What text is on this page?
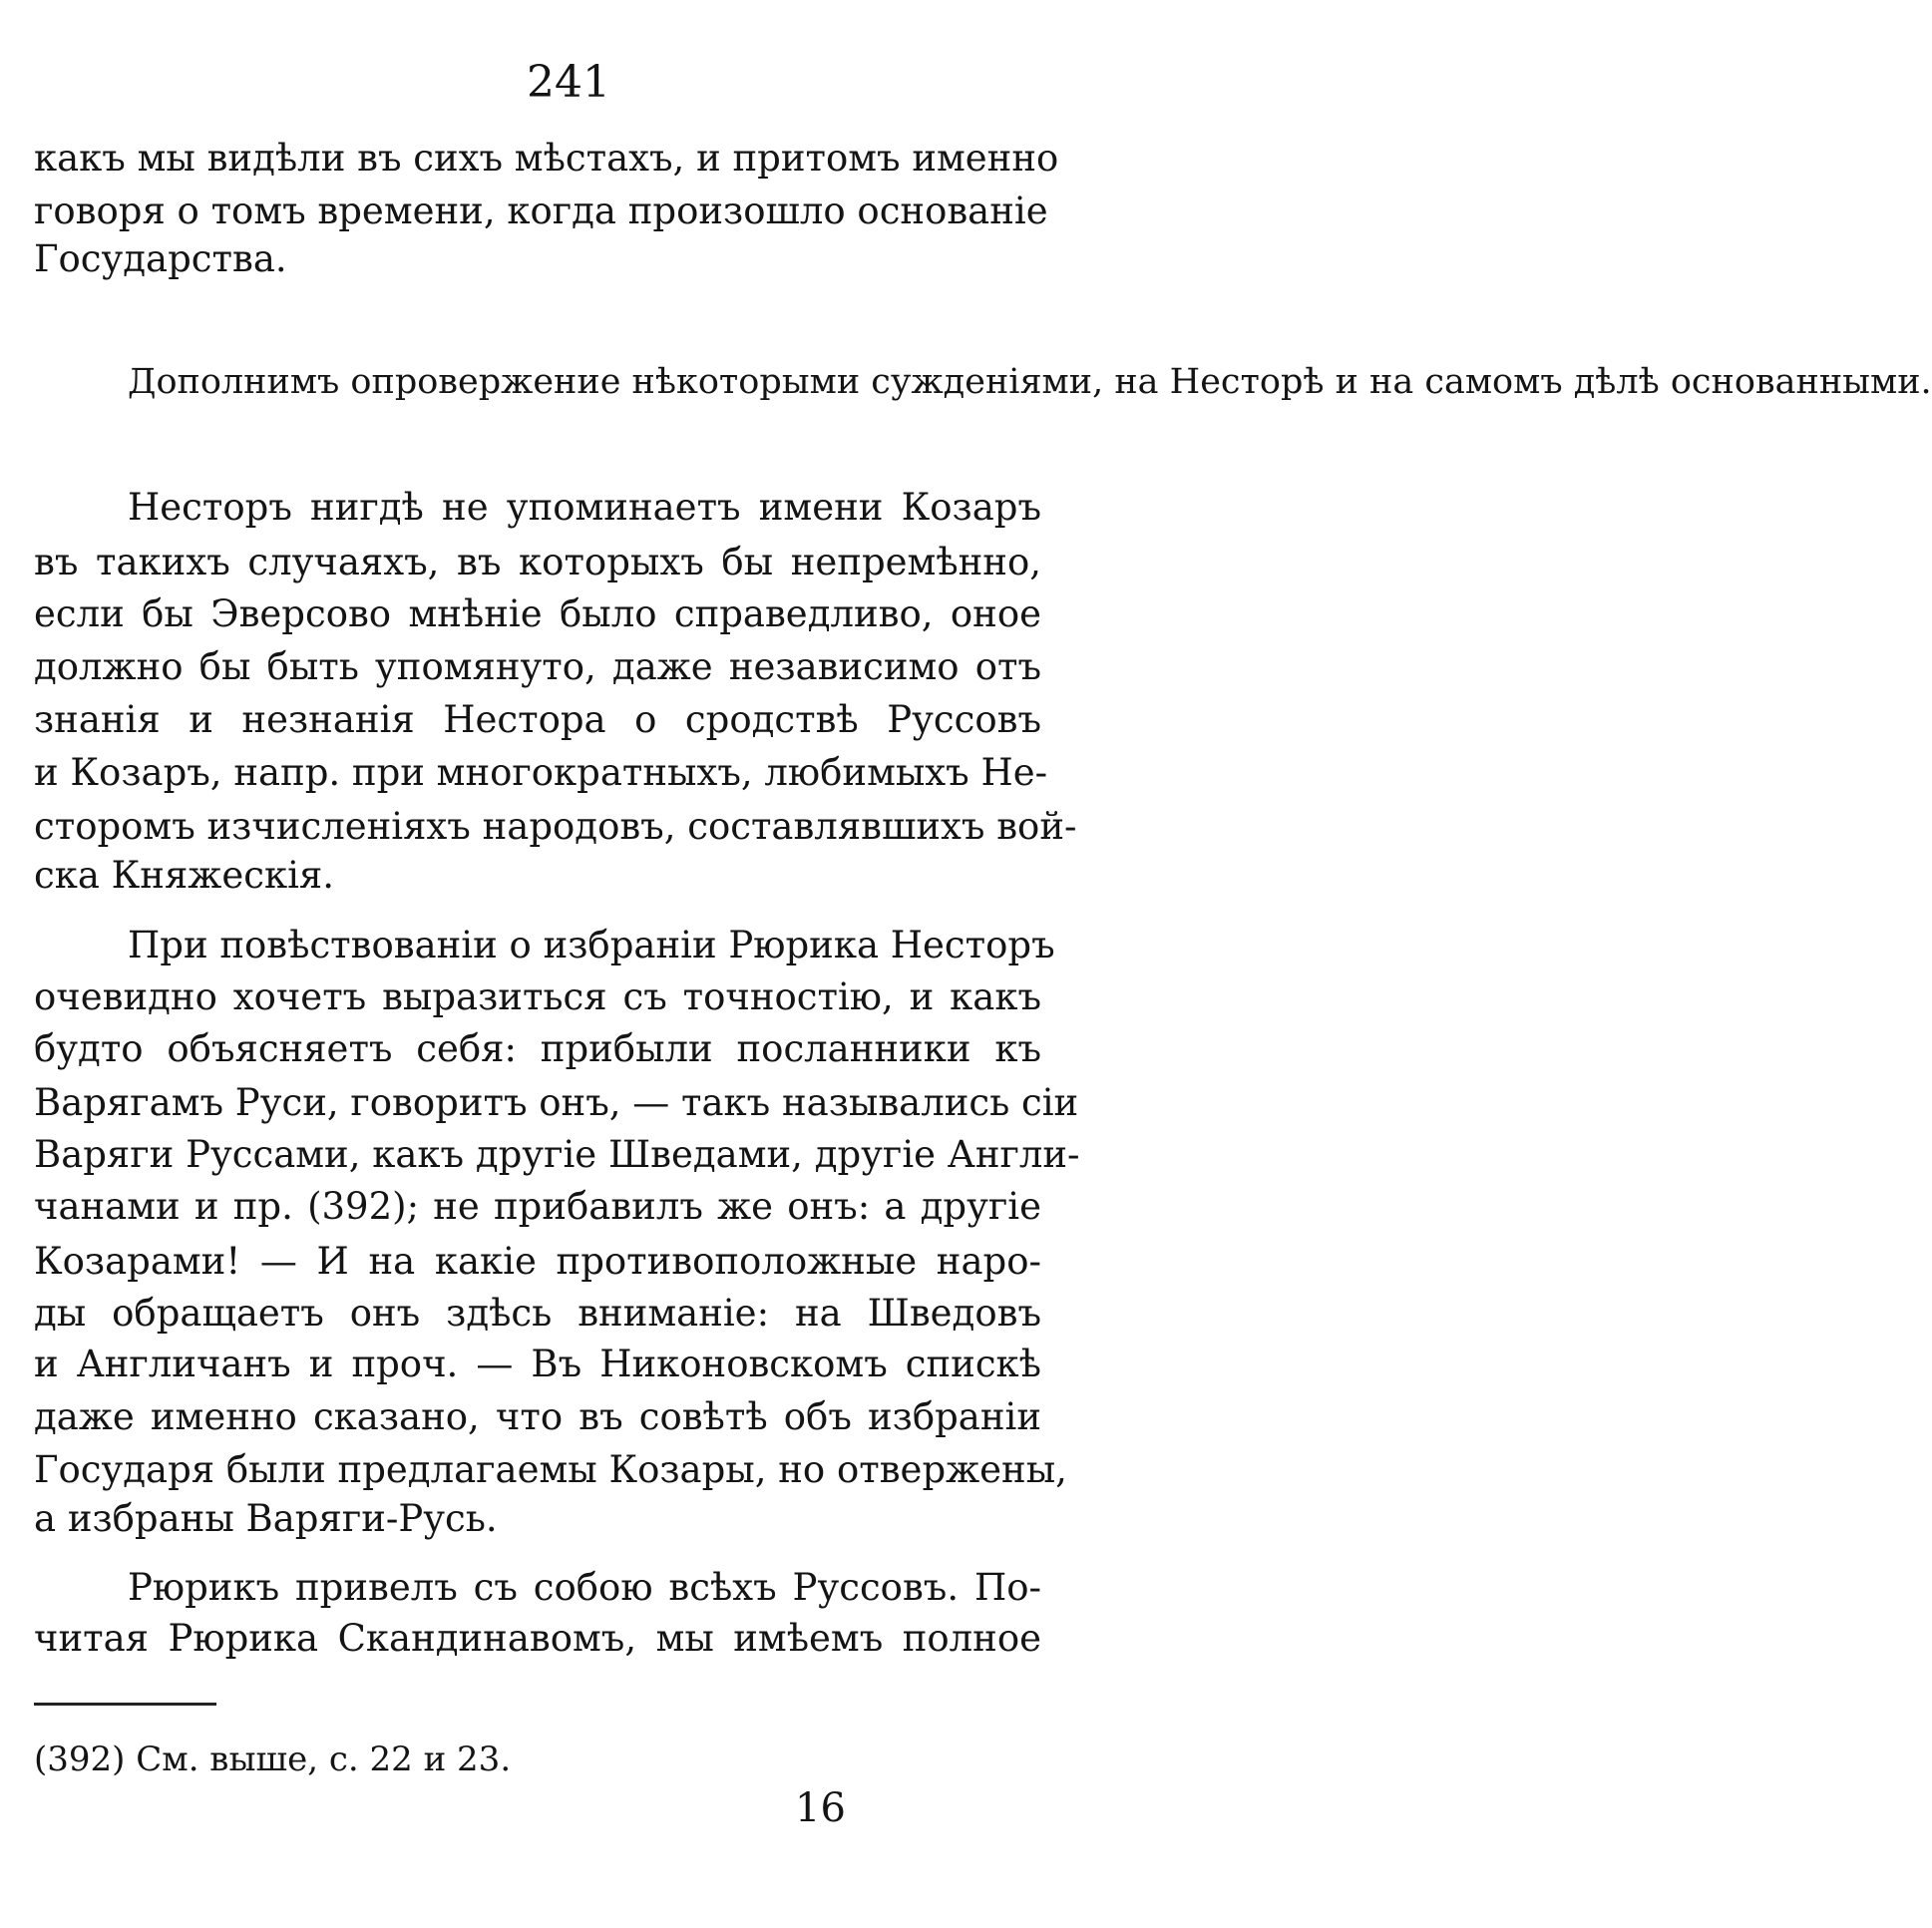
241
какъ мы видѣли въ сихъ мѣстахъ, и притомъ именно
говоря о томъ времени, когда произошло основаніе
Государства.
Дополнимъ опровержение нѣкоторыми сужденіями, на Несторѣ и на самомъ дѣлѣ основанными.
Несторъ нигдѣ не упоминаетъ имени Козаръ
въ такихъ случаяхъ, въ которыхъ бы непремѣнно,
если бы Эверсово мнѣніе было справедливо, оное
должно бы быть упомянуто, даже независимо отъ
знанія и незнанія Нестора о сродствѣ Руссовъ
и Козаръ, напр. при многократныхъ, любимыхъ Не-
сторомъ изчисленіяхъ народовъ, составлявшихъ вой-
ска Княжескія.
При повѣствованіи о избраніи Рюрика Несторъ
очевидно хочетъ выразиться съ точностію, и какъ
будто объясняетъ себя: прибыли посланники къ
Варягамъ Руси, говоритъ онъ, — такъ назывались сіи
Варяги Руссами, какъ другіе Шведами, другіе Англи-
чанами и пр. (392); не прибавилъ же онъ: а другіе
Козарами! — И на какіе противоположные наро-
ды обращаетъ онъ здѣсь вниманіе: на Шведовъ
и Англичанъ и проч. — Въ Никоновскомъ спискѣ
даже именно сказано, что въ совѣтѣ объ избраніи
Государя были предлагаемы Козары, но отвержены,
а избраны Варяги-Русь.
Рюрикъ привелъ съ собою всѣхъ Руссовъ. По-
читая Рюрика Скандинавомъ, мы имѣемъ полное
(392) См. выше, с. 22 и 23.
16
